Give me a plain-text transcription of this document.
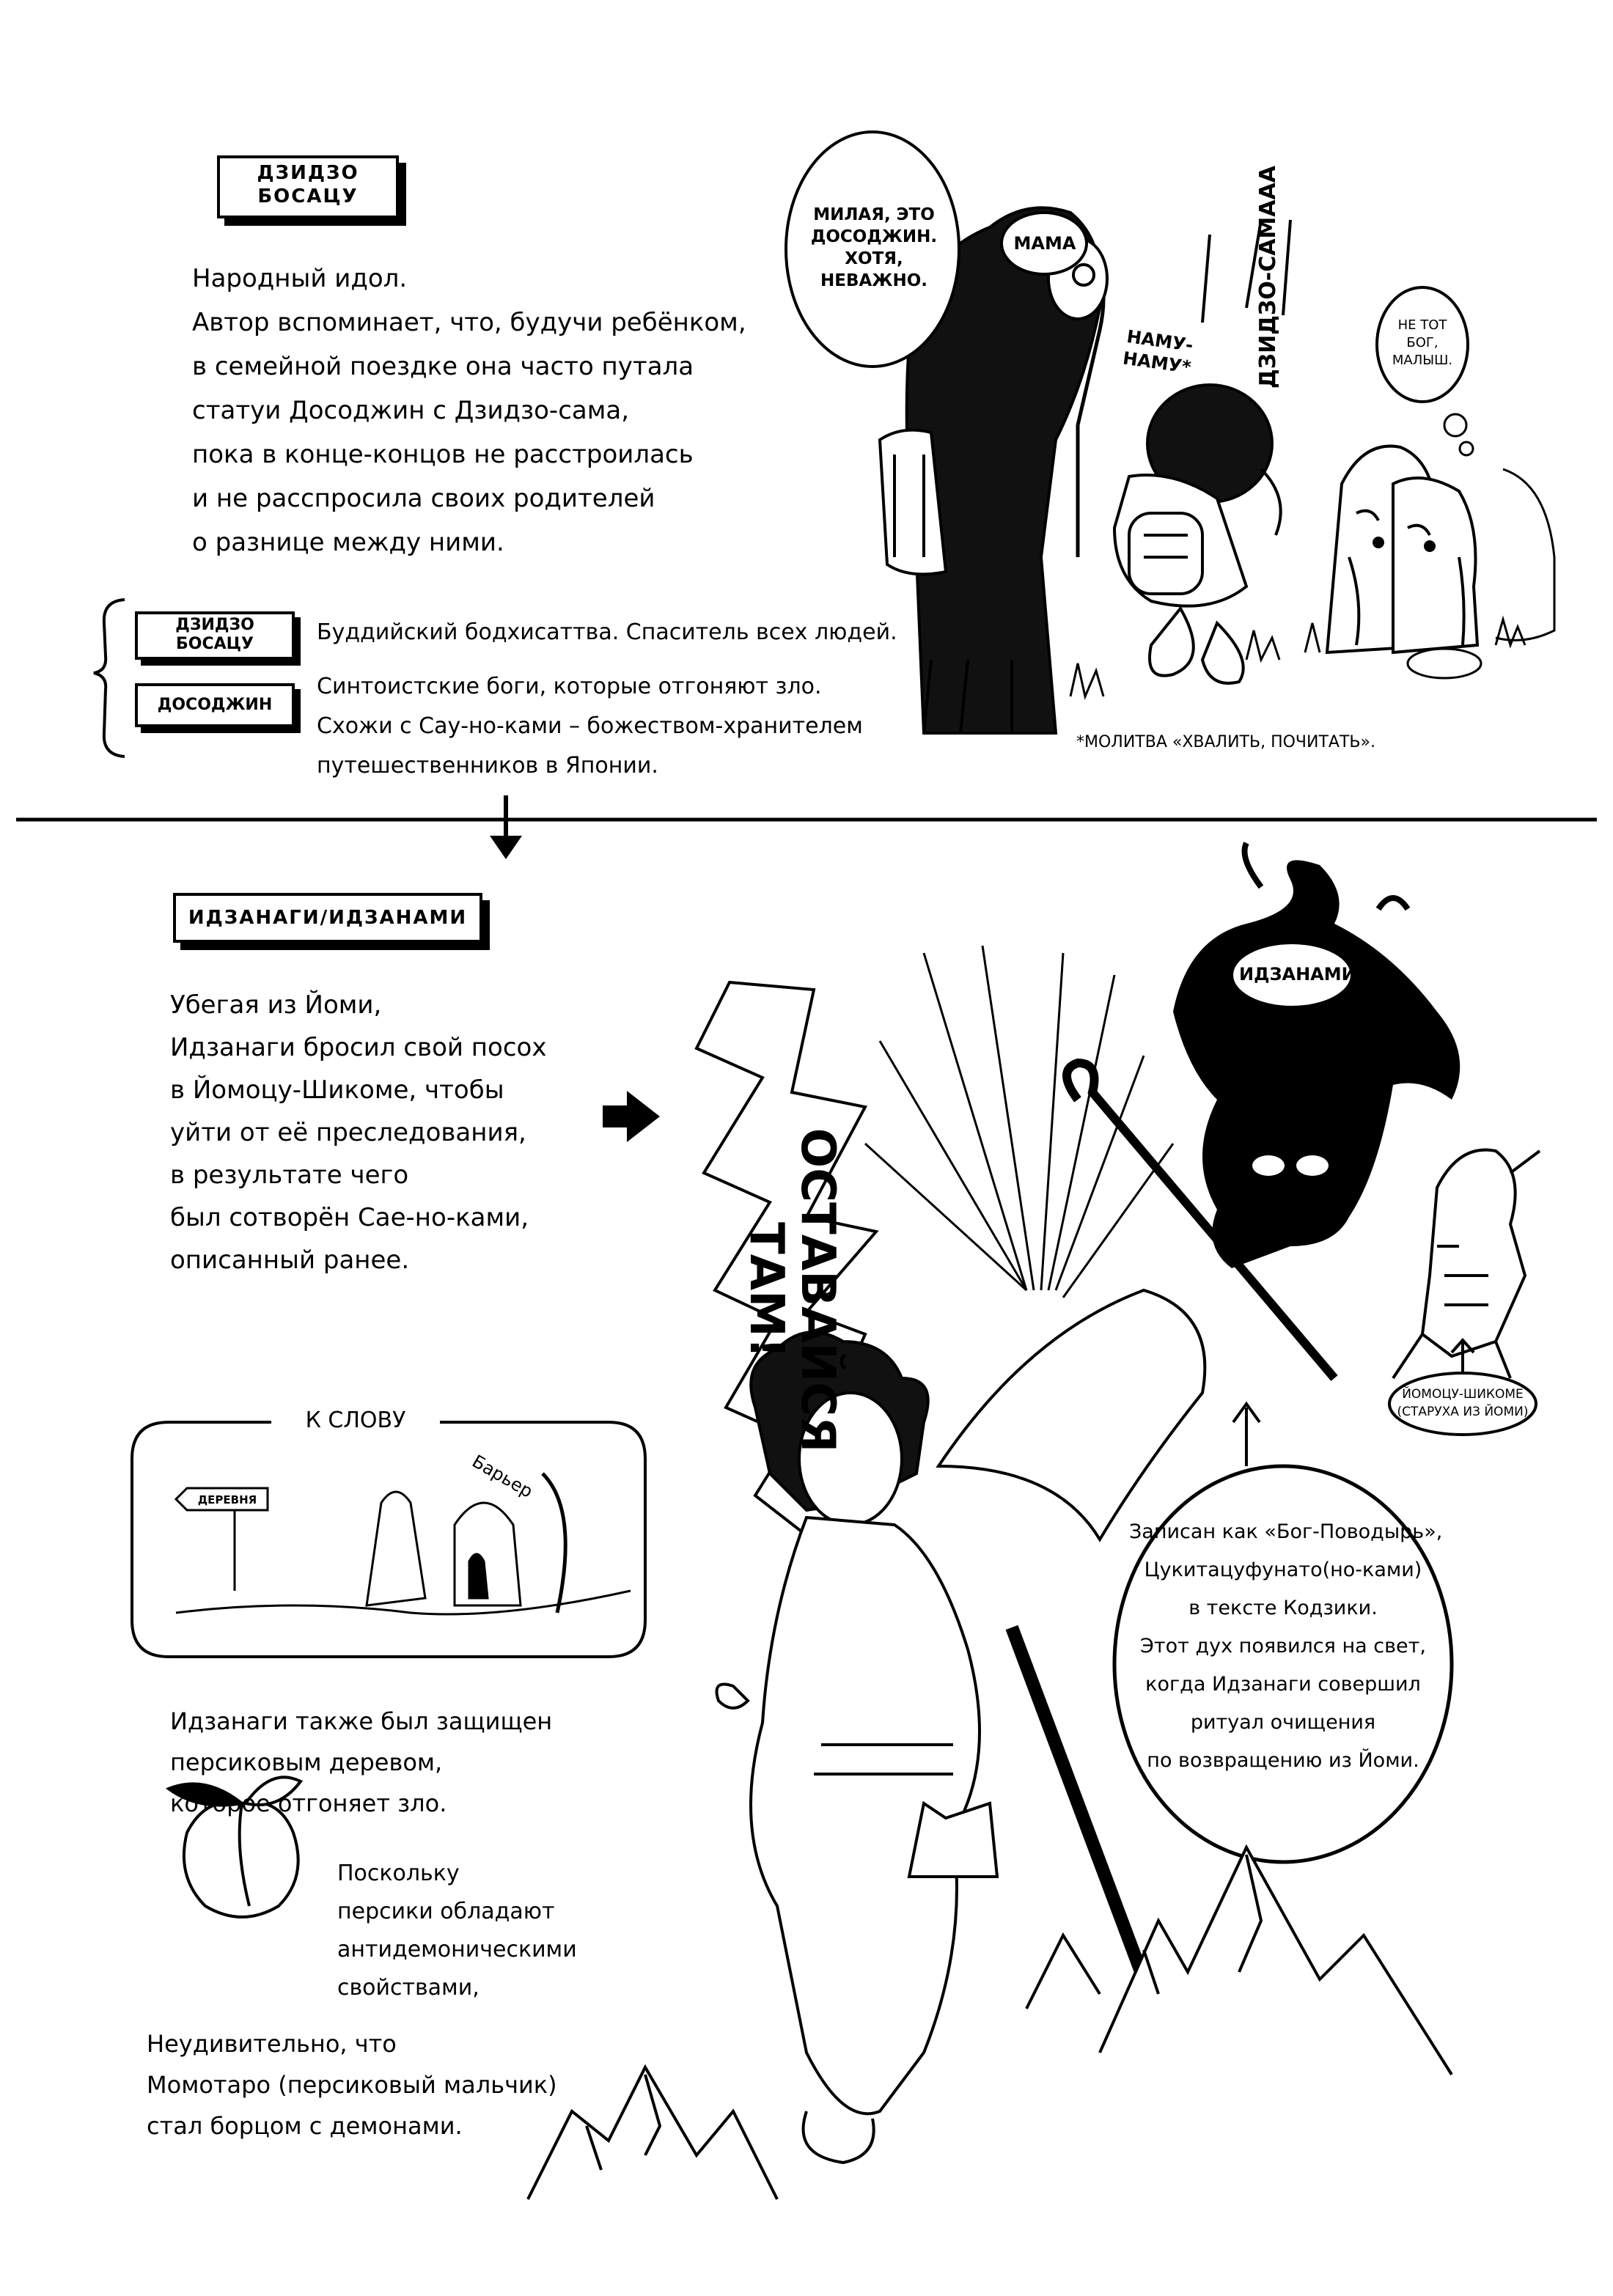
ДЗИДЗО
БОСАЦУ
Народный идол.
Автор вспоминает, что, будучи ребёнком,
в семейной поездке она часто путала
статуи Досоджин с Дзидзо-сама,
пока в конце-концов не расстроилась
и не расспросила своих родителей
о разнице между ними.
ДЗИДЗО
БОСАЦУ	Буддийский бодхисаттва. Спаситель всех людей.
ДОСОДЖИН
Синтоистские боги, которые отгоняют зло.
Схожи с Сау-но-ками – божеством-хранителем
путешественников в Японии.
МИЛАЯ, ЭТО
ДОСОДЖИН.
ХОТЯ,
НЕВАЖНО.
МАМА	ДЗИДЗО-САМААА
НАМУ-
НАМУ*
НЕ ТОТ
БОГ,
МАЛЫШ.
*МОЛИТВА «ХВАЛИТЬ, ПОЧИТАТЬ».
ИДЗАНАГИ/ИДЗАНАМИ
Убегая из Йоми,
Идзанаги бросил свой посох
в Йомоцу-Шикоме, чтобы
уйти от её преследования,
в результате чего
был сотворён Сае-но-ками,
описанный ранее.	ОСТАВАЙСЯ ТАМ!
ИДЗАНАМИ
ЙОМОЦУ-ШИКОМЕ
(СТАРУХА ИЗ ЙОМИ)
К СЛОВУ
ДЕРЕВНЯ	Барьер
Идзанаги также был защищен
персиковым деревом,
которое отгоняет зло.
Поскольку
персики обладают
антидемоническими
свойствами,
Неудивительно, что
Момотаро (персиковый мальчик)
стал борцом с демонами.
Записан как «Бог-Поводырь»,
Цукитацуфунато(но-ками)
в тексте Кодзики.
Этот дух появился на свет,
когда Идзанаги совершил
ритуал очищения
по возвращению из Йоми.
